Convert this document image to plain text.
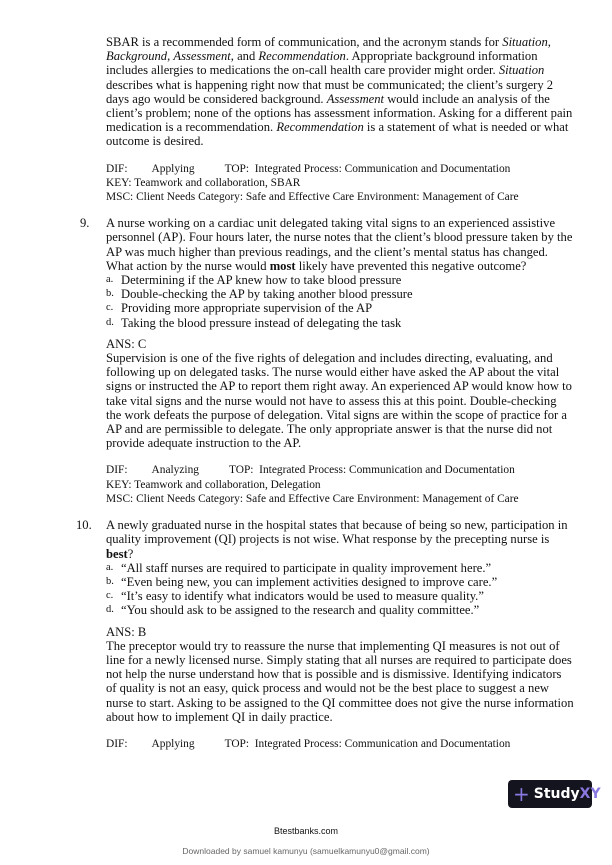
SBAR is a recommended form of communication, and the acronym stands for Situation, Background, Assessment, and Recommendation. Appropriate background information includes allergies to medications the on-call health care provider might order. Situation describes what is happening right now that must be communicated; the client’s surgery 2 days ago would be considered background. Assessment would include an analysis of the client’s problem; none of the options has assessment information. Asking for a different pain medication is a recommendation. Recommendation is a statement of what is needed or what outcome is desired.
DIF: Applying	TOP: Integrated Process: Communication and Documentation
KEY: Teamwork and collaboration, SBAR
MSC: Client Needs Category: Safe and Effective Care Environment: Management of Care
9. A nurse working on a cardiac unit delegated taking vital signs to an experienced assistive personnel (AP). Four hours later, the nurse notes that the client’s blood pressure taken by the AP was much higher than previous readings, and the client’s mental status has changed. What action by the nurse would most likely have prevented this negative outcome?
a. Determining if the AP knew how to take blood pressure
b. Double-checking the AP by taking another blood pressure
c. Providing more appropriate supervision of the AP
d. Taking the blood pressure instead of delegating the task
ANS: C
Supervision is one of the five rights of delegation and includes directing, evaluating, and following up on delegated tasks. The nurse would either have asked the AP about the vital signs or instructed the AP to report them right away. An experienced AP would know how to take vital signs and the nurse would not have to assess this at this point. Double-checking the work defeats the purpose of delegation. Vital signs are within the scope of practice for a AP and are permissible to delegate. The only appropriate answer is that the nurse did not provide adequate instruction to the AP.
DIF: Analyzing	TOP: Integrated Process: Communication and Documentation
KEY: Teamwork and collaboration, Delegation
MSC: Client Needs Category: Safe and Effective Care Environment: Management of Care
10. A newly graduated nurse in the hospital states that because of being so new, participation in quality improvement (QI) projects is not wise. What response by the precepting nurse is best?
a. “All staff nurses are required to participate in quality improvement here.”
b. “Even being new, you can implement activities designed to improve care.”
c. “It’s easy to identify what indicators would be used to measure quality.”
d. “You should ask to be assigned to the research and quality committee.”
ANS: B
The preceptor would try to reassure the nurse that implementing QI measures is not out of line for a newly licensed nurse. Simply stating that all nurses are required to participate does not help the nurse understand how that is possible and is dismissive. Identifying indicators of quality is not an easy, quick process and would not be the best place to suggest a new nurse to start. Asking to be assigned to the QI committee does not give the nurse information about how to implement QI in daily practice.
DIF: Applying	TOP: Integrated Process: Communication and Documentation
+ Study XY
Btestbanks.com
Downloaded by samuel kamunyu (samuelkamunyu0@gmail.com)
